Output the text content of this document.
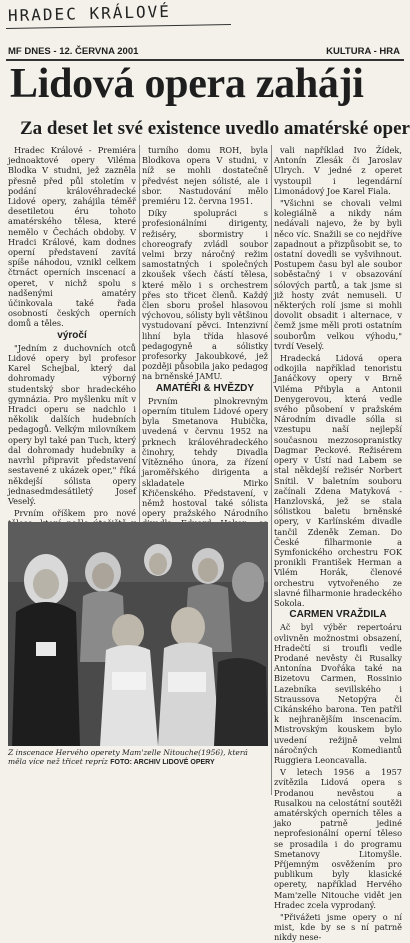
HRADEC KRÁLOVÉ
MF DNES - 12. ČERVNA 2001	KULTURA - HRA
Lidová opera zaháji
Za deset let své existence uvedlo amatérské oper

Hradec Králové - Premiéra jednoaktové opery Viléma Blodka V studni, jež zazněla přesně před půl stoletím v podání královéhradecké Lidové opery, zahájila téměř desetiletou éru tohoto amatérského tělesa, které nemělo v Čechách obdoby. V Hradci Králové, kam dodnes operní představení zavítá spíše náhodou, vznikl celkem čtrnáct operních inscenací a operet, v nichž spolu s nadšenými amatéry účinkovala také řada osobností českých operních domů a těles.

výročí

"Jedním z duchovních otců Lidové opery byl profesor Karel Schejbal, který dal dohromady výborný studentský sbor hradeckého gymnázia. Pro myšlenku mít v Hradci operu se nadchlo i několik dalších hudebních pedagogů. Velkým milovníkem opery byl také pan Tuch, který dal dohromady hudebníky a navrhl připravit představení sestavené z ukázek oper," říká někdejší sólista opery jednasedmdesátiletý Josef Veselý.

Prvním oříškem pro nové

turního domu ROH, byla Blodkova opera V studni, v níž se mohli dostatečně předvést nejen sólisté, ale i sbor. Nastudování mělo premiéru 12. června 1951.

Díky spolupráci s profesionálními dirigenty, režiséry, sbormistry i choreografy zvládl soubor velmi brzy náročný režim samostatných i společných zkoušek všech částí tělesa, které mělo i s orchestrem přes sto třicet členů. Každý člen sboru prošel hlasovou výchovou, sólisty byli většinou vystudovaní pěvci. Intenzivní lihní byla třída hlasové pedagogyně a sólistky profesorky Jakoubkové, jež později působila jako pedagog na brněnské JAMU.

AMATÉŘI & HVĚZDY

Prvním plnokrevným operním titulem Lidové opery byla Smetanova Hubička, uvedená v červnu 1952 na prknech královéhradeckého činohry, tehdy Divadla Vítězného února, za řízení jaroměřského dirigenta a skladatele Mirko Křičenského. Představení, v němž hostoval také sólista opery pražského Národního

vali například Ivo Žídek, Antonín Zlesák či Jaroslav Ulrych. V jedné z operet vystoupil i legendární Limonádový Joe Karel Fiala.

"Všichni se chovali velmi kolegiálně a nikdy nám nedávali najevo, že by byli něco víc. Snažili se co nejdříve zapadnout a přizpůsobit se, to ostatní dovedli se vyšvihnout. Postupem času byl ale soubor soběstačný i v obsazování sólových partů, a tak jsme si již hosty zvát nemuseli. U některých rolí jsme si mohli dovolit obsadit i alternace, v čemž jsme měli proti ostatním souborům velkou výhodu," tvrdí Veselý.

Hradecká Lidová opera odkojila například tenoristu Janáčkovy opery v Brně Viléma Přibyla a Antonii Denygerovou, která vedle svého působení v pražském Národním divadle sólla si vzestupu naší nejlepší současnou mezzosopranistky Dagmar Peckové. Režisérem opery v Ústí nad Labem se stal někdejší režisér Norbert Snítil. V baletním souboru začínali Zdena Matyková - Hanzlovská, jež se stala sólistkou baletu brněnské opery, v Karlínském divadle tančil Zdeněk Zeman. Do České filharmonie a Symfonického orchestru FOK pronikli František Herman a Vilém Horák, členové orchestru vytvořeného ze slavné filharmonie hradeckého Sokola.

CARMEN VRAŽDILA

Ač byl výběr repertoáru ovlivněn možnostmi obsazení, Hradečtí si troufli vedle Prodané nevěsty či Rusalky Antonína Dvořáka také na Bizetovu Carmen, Rossinio Lazebníka sevillského i Straussova Netopýra či Cikánského barona. Ten patřil k nejhranějším inscenacím. Mistrovským kouskem bylo uvedení režijně velmi náročných Komediantů Ruggiera Leoncavalla.

V letech 1956 a 1957 zvítězila Lidová opera s Prodanou nevěstou a Rusalkou na celostátní soutěži amatérských operních těles a jako patrně jediné neprofesionální operní těleso se prosadila i do programu Smetanovy Litomyšle. Příjemným osvěžením pro publikum byly klasické operety, například Hervého Mam'zelle Nitouche vidět jen Hradec zcela vyprodaný.

"Přivážeti jsme opery o ní mist, kde by se s ní patrně nikdy nese-

Z inscenace Hervého operety Mam'zelle Nitouche(1956), která měla více než třicet repríz FOTO: ARCHIV LIDOVÉ OPERY
